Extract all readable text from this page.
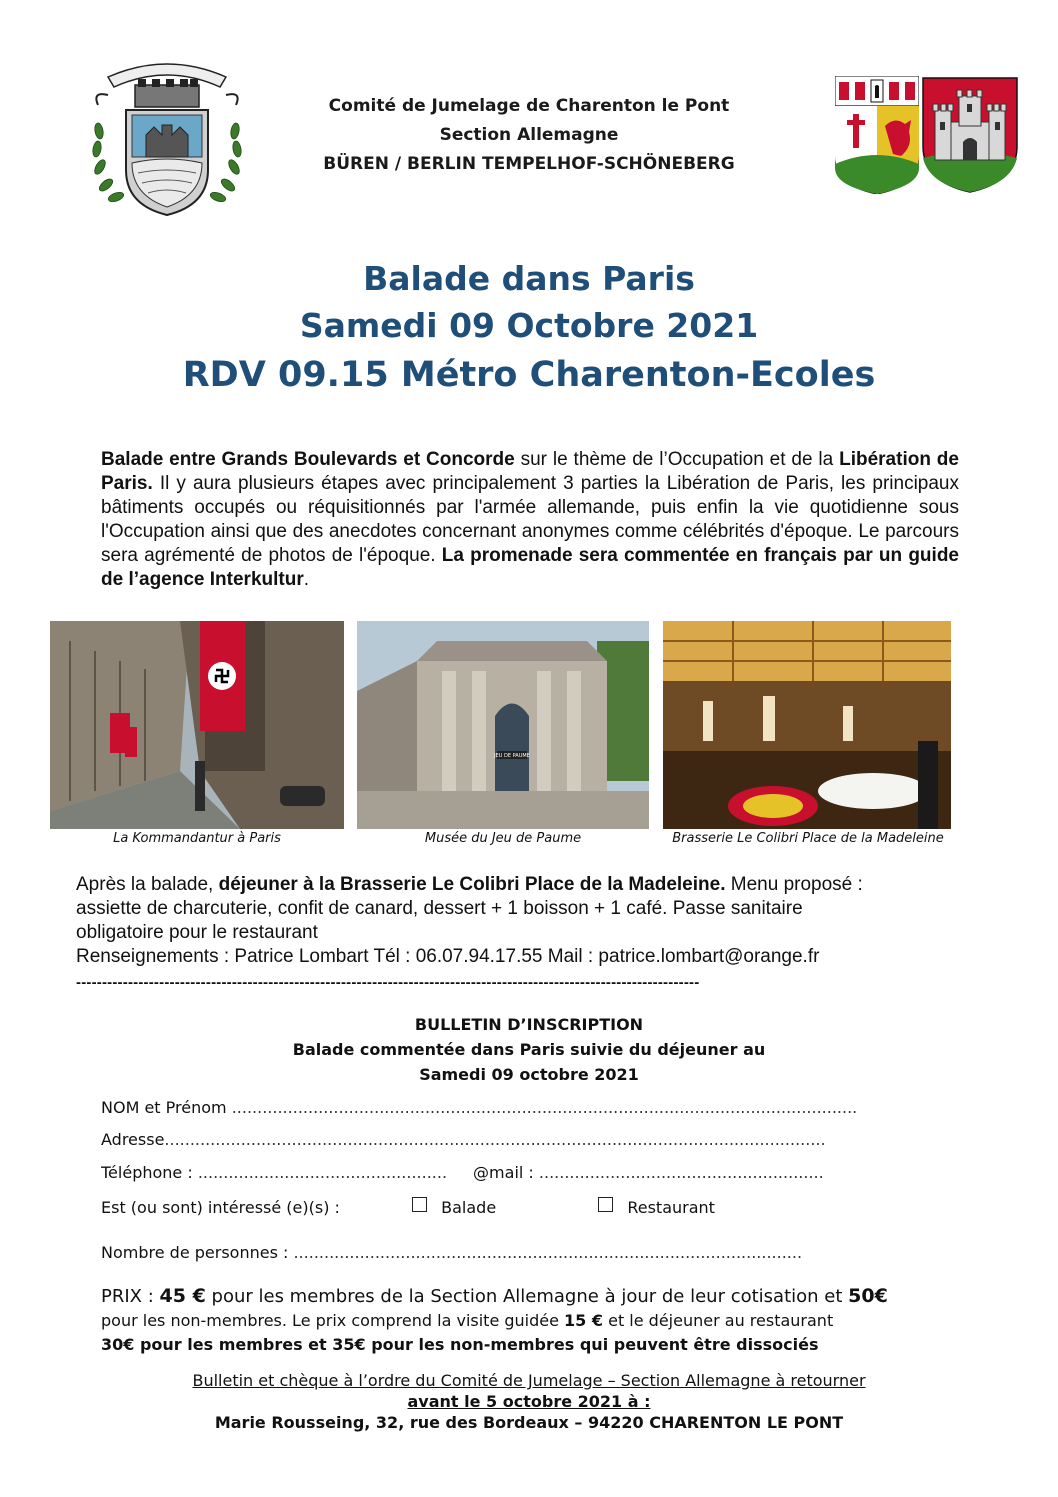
Comité de Jumelage de Charenton le Pont
Section Allemagne
BÜREN / BERLIN TEMPELHOF-SCHÖNEBERG
Balade dans Paris
Samedi 09 Octobre 2021
RDV 09.15 Métro Charenton-Ecoles
Balade entre Grands Boulevards et Concorde sur le thème de l’Occupation et de la Libération de Paris. Il y aura plusieurs étapes avec principalement 3 parties la Libération de Paris, les principaux bâtiments occupés ou réquisitionnés par l'armée allemande, puis enfin la vie quotidienne sous l'Occupation ainsi que des anecdotes concernant anonymes comme célébrités d'époque. Le parcours sera agrémenté de photos de l'époque. La promenade sera commentée en français par un guide de l’agence Interkultur.
JEU DE PAUME
La Kommandantur à Paris	Musée du Jeu de Paume	Brasserie Le Colibri Place de la Madeleine
Après la balade, déjeuner à la Brasserie Le Colibri Place de la Madeleine. Menu proposé :
assiette de charcuterie, confit de canard, dessert + 1 boisson + 1 café. Passe sanitaire
obligatoire pour le restaurant
Renseignements : Patrice Lombart Tél : 06.07.94.17.55 Mail : patrice.lombart@orange.fr
------------------------------------------------------------------------------------------------------------------------
BULLETIN D’INSCRIPTION
Balade commentée dans Paris suivie du déjeuner au
Samedi 09 octobre 2021
NOM et Prénom ...........................................................................................................................
Adresse..................................................................................................................................
Téléphone : ................................................. @mail : ........................................................
Est (ou sont) intéressé (e)(s) :	Balade	Restaurant
Nombre de personnes : ....................................................................................................
PRIX : 45 € pour les membres de la Section Allemagne à jour de leur cotisation et 50€
pour les non-membres. Le prix comprend la visite guidée 15 € et le déjeuner au restaurant
30€ pour les membres et 35€ pour les non-membres qui peuvent être dissociés
Bulletin et chèque à l’ordre du Comité de Jumelage – Section Allemagne à retourner
avant le 5 octobre 2021 à :
Marie Rousseing, 32, rue des Bordeaux – 94220 CHARENTON LE PONT
